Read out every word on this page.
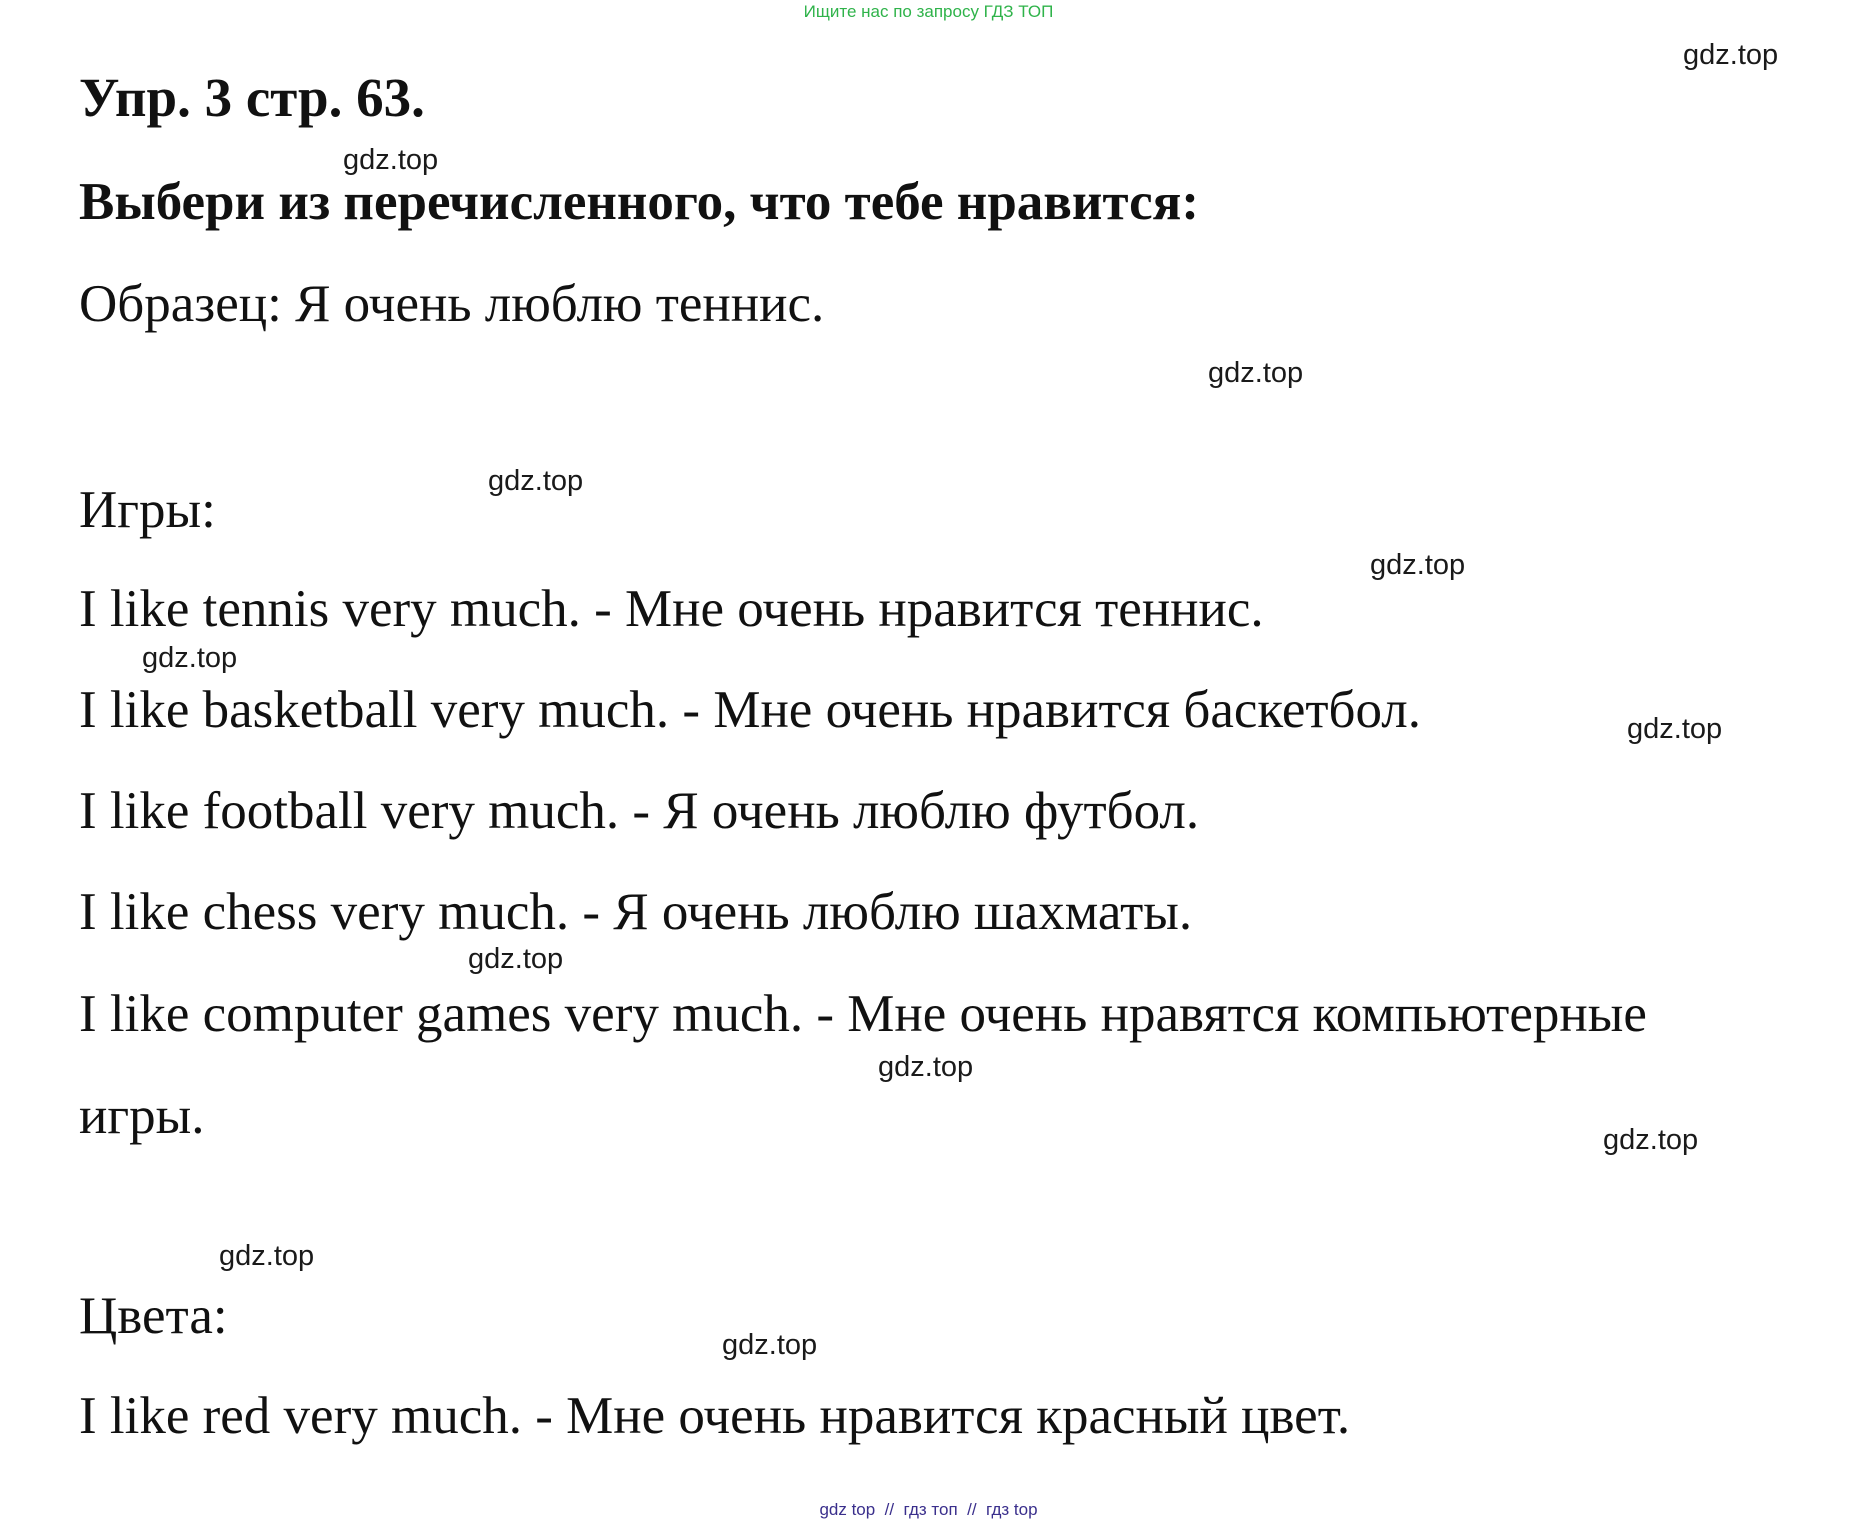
Ищите нас по запросу ГДЗ ТОП
Упр. 3 стр. 63.
Выбери из перечисленного, что тебе нравится:
Образец: Я очень люблю теннис.
Игры:
I like tennis very much. - Мне очень нравится теннис.
I like basketball very much. - Мне очень нравится баскетбол.
I like football very much. - Я очень люблю футбол.
I like chess very much. - Я очень люблю шахматы.
I like computer games very much. - Мне очень нравятся компьютерные
игры.
Цвета:
I like red very much. - Мне очень нравится красный цвет.
gdz.top
gdz.top
gdz.top
gdz.top
gdz.top
gdz.top
gdz.top
gdz.top
gdz.top
gdz.top
gdz.top
gdz.top
gdz top  //  гдз топ  //  гдз top
